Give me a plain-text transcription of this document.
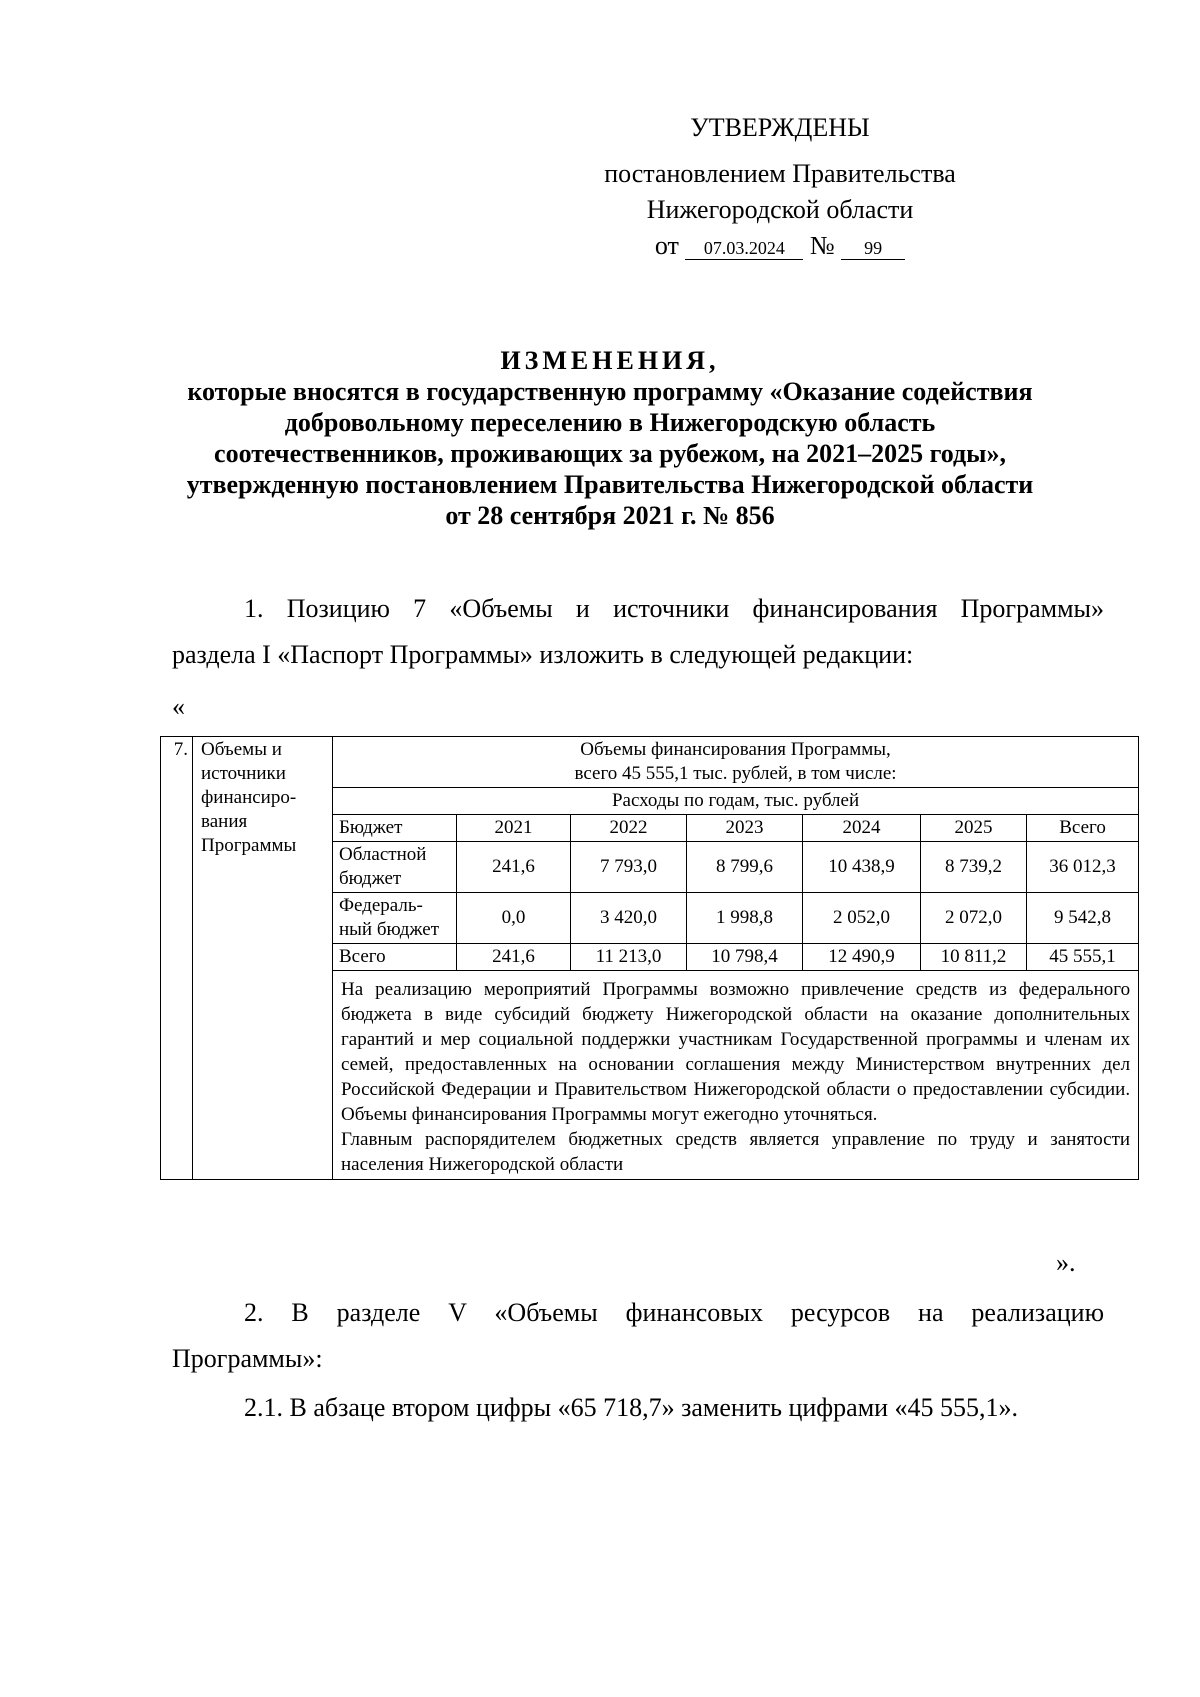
УТВЕРЖДЕНЫ
постановлением Правительства
Нижегородской области
от 07.03.2024 № 99
ИЗМЕНЕНИЯ,
которые вносятся в государственную программу «Оказание содействия
добровольному переселению в Нижегородскую область
соотечественников, проживающих за рубежом, на 2021–2025 годы»,
утвержденную постановлением Правительства Нижегородской области
от 28 сентября 2021 г. № 856
1. Позицию 7 «Объемы и источники финансирования Программы»
раздела I «Паспорт Программы» изложить в следующей редакции:
«
7.	Объемы и источники финансиро-вания Программы	Объемы финансирования Программы,
всего 45 555,1 тыс. рублей, в том числе:						
		Расходы по годам, тыс. рублей						
		Бюджет	2021	2022	2023	2024	2025	Всего
		Областной бюджет	241,6	7 793,0	8 799,6	10 438,9	8 739,2	36 012,3
		Федераль-ный бюджет	0,0	3 420,0	1 998,8	2 052,0	2 072,0	9 542,8
		Всего	241,6	11 213,0	10 798,4	12 490,9	10 811,2	45 555,1

		На реализацию мероприятий Программы возможно привлечение средств из федерального бюджета в виде субсидий бюджету Нижегородской области на оказание дополнительных гарантий и мер социальной поддержки участникам Государственной программы и членам их семей, предоставленных на основании соглашения между Министерством внутренних дел Российской Федерации и Правительством Нижегородской области о предоставлении субсидии. Объемы финансирования Программы могут ежегодно уточняться.
Главным распорядителем бюджетных средств является управление по труду и занятости населения Нижегородской области						
».
2. В разделе V «Объемы финансовых ресурсов на реализацию
Программы»:
2.1. В абзаце втором цифры «65 718,7» заменить цифрами «45 555,1».
